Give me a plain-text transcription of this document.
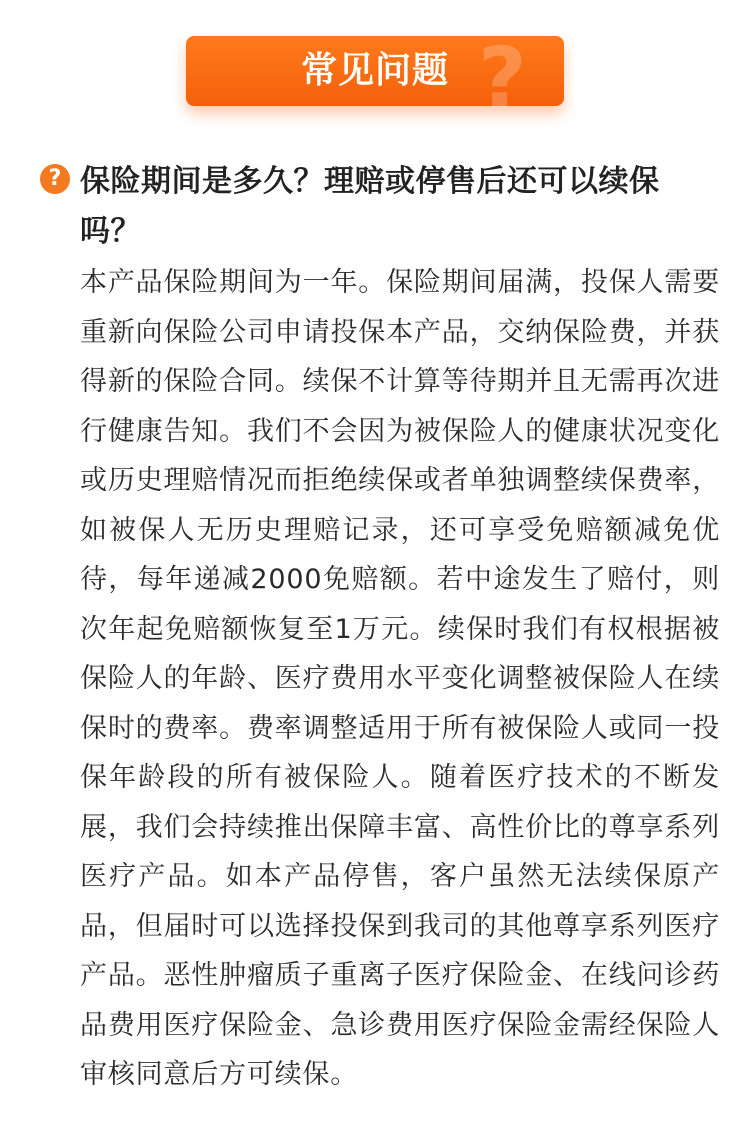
?
常见问题
? 保险期间是多久？理赔或停售后还可以续保吗？

本产品保险期间为一年。保险期间届满，投保人需要重新向保险公司申请投保本产品，交纳保险费，并获得新的保险合同。续保不计算等待期并且无需再次进行健康告知。我们不会因为被保险人的健康状况变化或历史理赔情况而拒绝续保或者单独调整续保费率，如被保人无历史理赔记录，还可享受免赔额减免优待，每年递减2000免赔额。若中途发生了赔付，则次年起免赔额恢复至1万元。续保时我们有权根据被保险人的年龄、医疗费用水平变化调整被保险人在续保时的费率。费率调整适用于所有被保险人或同一投保年龄段的所有被保险人。随着医疗技术的不断发展，我们会持续推出保障丰富、高性价比的尊享系列医疗产品。如本产品停售，客户虽然无法续保原产品，但届时可以选择投保到我司的其他尊享系列医疗产品。恶性肿瘤质子重离子医疗保险金、在线问诊药品费用医疗保险金、急诊费用医疗保险金需经保险人审核同意后方可续保。
